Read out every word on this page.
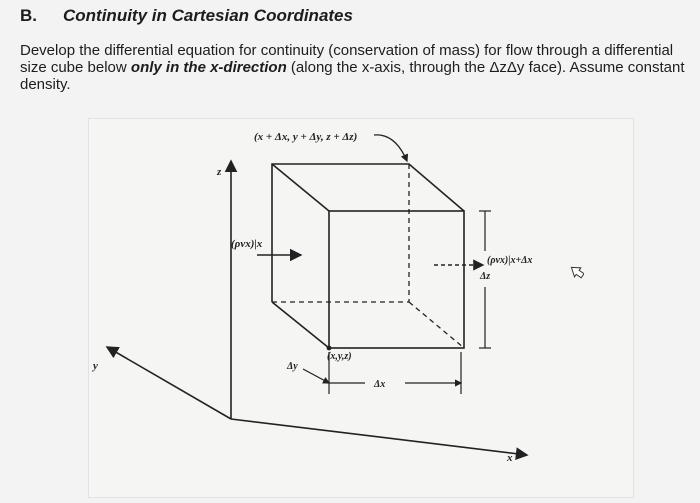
B. Continuity in Cartesian Coordinates
Develop the differential equation for continuity (conservation of mass) for flow through a differential size cube below only in the x-direction (along the x-axis, through the ΔzΔy face). Assume constant density.
(x + Δx, y + Δy, z + Δz)
z
y
x
(ρvx)|x
(ρvx)|x+Δx
Δz
(x,y,z)
Δy
Δx
